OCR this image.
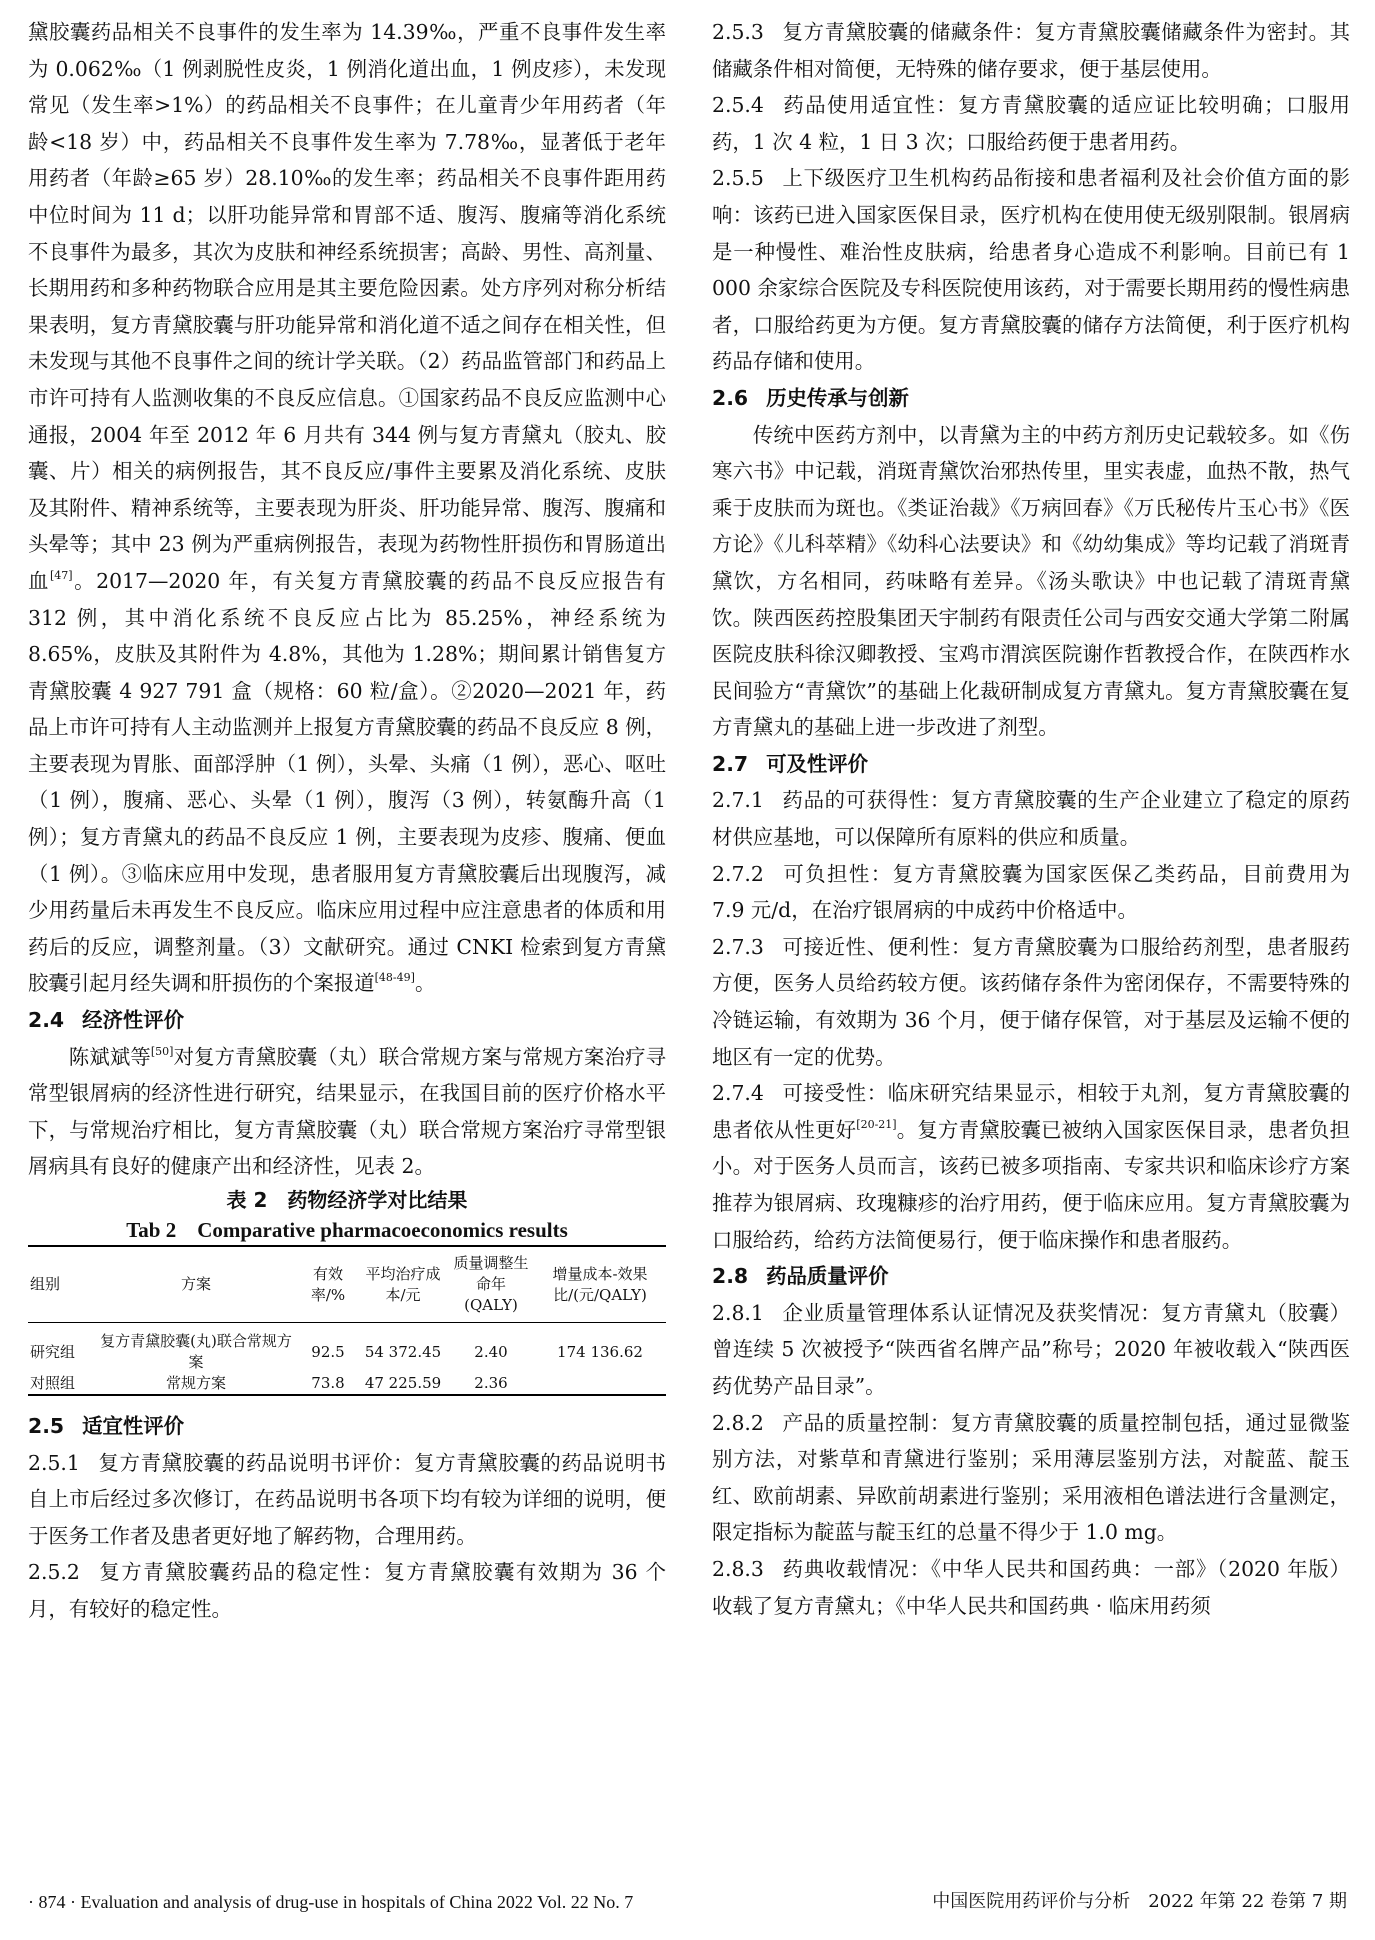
黛胶囊药品相关不良事件的发生率为 14.39‰，严重不良事件发生率为 0.062‰（1 例剥脱性皮炎，1 例消化道出血，1 例皮疹），未发现常见（发生率>1%）的药品相关不良事件；在儿童青少年用药者（年龄<18 岁）中，药品相关不良事件发生率为 7.78‰，显著低于老年用药者（年龄≥65 岁）28.10‰的发生率；药品相关不良事件距用药中位时间为 11 d；以肝功能异常和胃部不适、腹泻、腹痛等消化系统不良事件为最多，其次为皮肤和神经系统损害；高龄、男性、高剂量、长期用药和多种药物联合应用是其主要危险因素。处方序列对称分析结果表明，复方青黛胶囊与肝功能异常和消化道不适之间存在相关性，但未发现与其他不良事件之间的统计学关联。（2）药品监管部门和药品上市许可持有人监测收集的不良反应信息。①国家药品不良反应监测中心通报，2004 年至 2012 年 6 月共有 344 例与复方青黛丸（胶丸、胶囊、片）相关的病例报告，其不良反应/事件主要累及消化系统、皮肤及其附件、精神系统等，主要表现为肝炎、肝功能异常、腹泻、腹痛和头晕等；其中 23 例为严重病例报告，表现为药物性肝损伤和胃肠道出血[47]。2017—2020 年，有关复方青黛胶囊的药品不良反应报告有 312 例，其中消化系统不良反应占比为 85.25%，神经系统为 8.65%，皮肤及其附件为 4.8%，其他为 1.28%；期间累计销售复方青黛胶囊 4 927 791 盒（规格：60 粒/盒）。②2020—2021 年，药品上市许可持有人主动监测并上报复方青黛胶囊的药品不良反应 8 例，主要表现为胃胀、面部浮肿（1 例），头晕、头痛（1 例），恶心、呕吐（1 例），腹痛、恶心、头晕（1 例），腹泻（3 例），转氨酶升高（1 例）；复方青黛丸的药品不良反应 1 例，主要表现为皮疹、腹痛、便血（1 例）。③临床应用中发现，患者服用复方青黛胶囊后出现腹泻，减少用药量后未再发生不良反应。临床应用过程中应注意患者的体质和用药后的反应，调整剂量。（3）文献研究。通过 CNKI 检索到复方青黛胶囊引起月经失调和肝损伤的个案报道[48-49]。

2.4 经济性评价

陈斌斌等[50]对复方青黛胶囊（丸）联合常规方案与常规方案治疗寻常型银屑病的经济性进行研究，结果显示，在我国目前的医疗价格水平下，与常规治疗相比，复方青黛胶囊（丸）联合常规方案治疗寻常型银屑病具有良好的健康产出和经济性，见表 2。

表 2　药物经济学对比结果

Tab 2　Comparative pharmacoeconomics results

组别	方案	有效率/%	平均治疗成本/元	质量调整生命年(QALY)	增量成本-效果比/(元/QALY)
研究组	复方青黛胶囊(丸)联合常规方案	92.5	54 372.45	2.40	174 136.62
对照组	常规方案	73.8	47 225.59	2.36	

2.5 适宜性评价

2.5.1 复方青黛胶囊的药品说明书评价：复方青黛胶囊的药品说明书自上市后经过多次修订，在药品说明书各项下均有较为详细的说明，便于医务工作者及患者更好地了解药物，合理用药。

2.5.2 复方青黛胶囊药品的稳定性：复方青黛胶囊有效期为 36 个月，有较好的稳定性。

2.5.3 复方青黛胶囊的储藏条件：复方青黛胶囊储藏条件为密封。其储藏条件相对简便，无特殊的储存要求，便于基层使用。

2.5.4 药品使用适宜性：复方青黛胶囊的适应证比较明确；口服用药，1 次 4 粒，1 日 3 次；口服给药便于患者用药。

2.5.5 上下级医疗卫生机构药品衔接和患者福利及社会价值方面的影响：该药已进入国家医保目录，医疗机构在使用使无级别限制。银屑病是一种慢性、难治性皮肤病，给患者身心造成不利影响。目前已有 1 000 余家综合医院及专科医院使用该药，对于需要长期用药的慢性病患者，口服给药更为方便。复方青黛胶囊的储存方法简便，利于医疗机构药品存储和使用。

2.6 历史传承与创新

传统中医药方剂中，以青黛为主的中药方剂历史记载较多。如《伤寒六书》中记载，消斑青黛饮治邪热传里，里实表虚，血热不散，热气乘于皮肤而为斑也。《类证治裁》《万病回春》《万氏秘传片玉心书》《医方论》《儿科萃精》《幼科心法要诀》和《幼幼集成》等均记载了消斑青黛饮，方名相同，药味略有差异。《汤头歌诀》中也记载了清斑青黛饮。陕西医药控股集团天宇制药有限责任公司与西安交通大学第二附属医院皮肤科徐汉卿教授、宝鸡市渭滨医院谢作哲教授合作，在陕西柞水民间验方“青黛饮”的基础上化裁研制成复方青黛丸。复方青黛胶囊在复方青黛丸的基础上进一步改进了剂型。

2.7 可及性评价

2.7.1 药品的可获得性：复方青黛胶囊的生产企业建立了稳定的原药材供应基地，可以保障所有原料的供应和质量。

2.7.2 可负担性：复方青黛胶囊为国家医保乙类药品，目前费用为 7.9 元/d，在治疗银屑病的中成药中价格适中。

2.7.3 可接近性、便利性：复方青黛胶囊为口服给药剂型，患者服药方便，医务人员给药较方便。该药储存条件为密闭保存，不需要特殊的冷链运输，有效期为 36 个月，便于储存保管，对于基层及运输不便的地区有一定的优势。

2.7.4 可接受性：临床研究结果显示，相较于丸剂，复方青黛胶囊的患者依从性更好[20-21]。复方青黛胶囊已被纳入国家医保目录，患者负担小。对于医务人员而言，该药已被多项指南、专家共识和临床诊疗方案推荐为银屑病、玫瑰糠疹的治疗用药，便于临床应用。复方青黛胶囊为口服给药，给药方法简便易行，便于临床操作和患者服药。

2.8 药品质量评价

2.8.1 企业质量管理体系认证情况及获奖情况：复方青黛丸（胶囊）曾连续 5 次被授予“陕西省名牌产品”称号；2020 年被收载入“陕西医药优势产品目录”。

2.8.2 产品的质量控制：复方青黛胶囊的质量控制包括，通过显微鉴别方法，对紫草和青黛进行鉴别；采用薄层鉴别方法，对靛蓝、靛玉红、欧前胡素、异欧前胡素进行鉴别；采用液相色谱法进行含量测定，限定指标为靛蓝与靛玉红的总量不得少于 1.0 mg。

2.8.3 药典收载情况：《中华人民共和国药典：一部》（2020 年版）收载了复方青黛丸；《中华人民共和国药典 · 临床用药须

· 874 · Evaluation and analysis of drug-use in hospitals of China 2022 Vol. 22 No. 7	中国医院用药评价与分析　2022 年第 22 卷第 7 期
